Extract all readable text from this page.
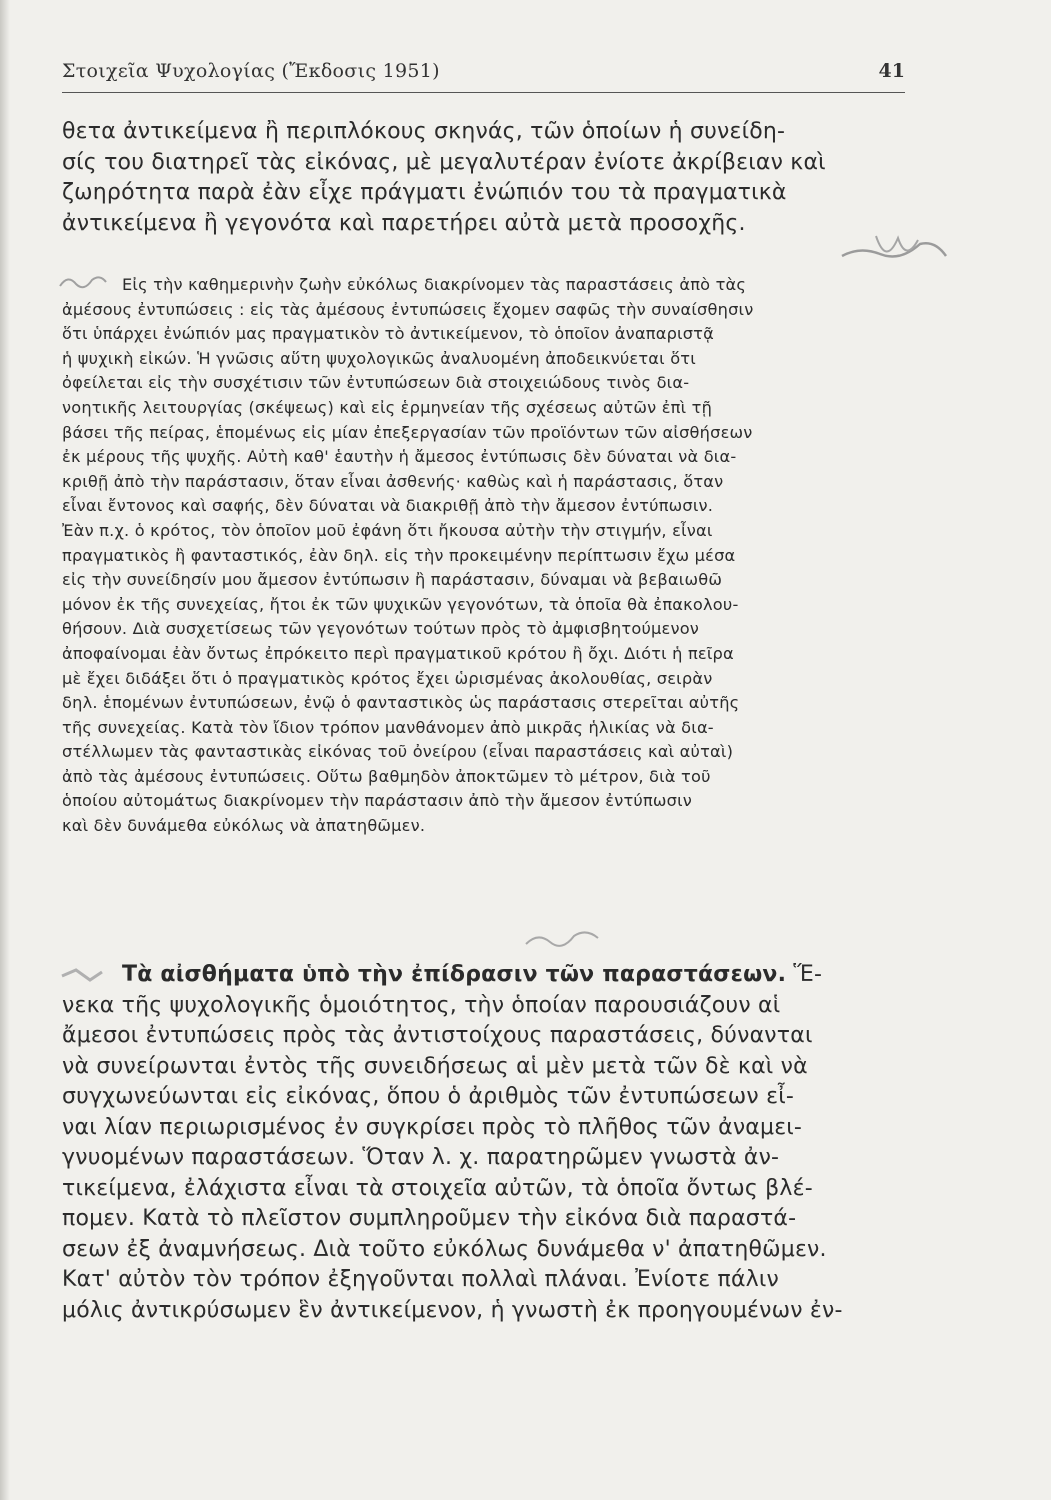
Στοιχεῖα Ψυχολογίας (Ἔκδοσις 1951)	41
θετα ἀντικείμενα ἢ περιπλόκους σκηνάς, τῶν ὁποίων ἡ συνείδη-
σίς του διατηρεῖ τὰς εἰκόνας, μὲ μεγαλυτέραν ἐνίοτε ἀκρίβειαν καὶ
ζωηρότητα παρὰ ἐὰν εἶχε πράγματι ἐνώπιόν του τὰ πραγματικὰ
ἀντικείμενα ἢ γεγονότα καὶ παρετήρει αὐτὰ μετὰ προσοχῆς.
Εἰς τὴν καθημερινὴν ζωὴν εὐκόλως διακρίνομεν τὰς παραστάσεις ἀπὸ τὰς
ἀμέσους ἐντυπώσεις : εἰς τὰς ἀμέσους ἐντυπώσεις ἔχομεν σαφῶς τὴν συναίσθησιν
ὅτι ὑπάρχει ἐνώπιόν μας πραγματικὸν τὸ ἀντικείμενον, τὸ ὁποῖον ἀναπαριστᾷ
ἡ ψυχικὴ εἰκών. Ἡ γνῶσις αὕτη ψυχολογικῶς ἀναλυομένη ἀποδεικνύεται ὅτι
ὀφείλεται εἰς τὴν συσχέτισιν τῶν ἐντυπώσεων διὰ στοιχειώδους τινὸς δια-
νοητικῆς λειτουργίας (σκέψεως) καὶ εἰς ἑρμηνείαν τῆς σχέσεως αὐτῶν ἐπὶ τῇ
βάσει τῆς πείρας, ἑπομένως εἰς μίαν ἐπεξεργασίαν τῶν προϊόντων τῶν αἰσθήσεων
ἐκ μέρους τῆς ψυχῆς. Αὐτὴ καθ' ἑαυτὴν ἡ ἄμεσος ἐντύπωσις δὲν δύναται νὰ δια-
κριθῇ ἀπὸ τὴν παράστασιν, ὅταν εἶναι ἀσθενής· καθὼς καὶ ἡ παράστασις, ὅταν
εἶναι ἔντονος καὶ σαφής, δὲν δύναται νὰ διακριθῇ ἀπὸ τὴν ἄμεσον ἐντύπωσιν.
Ἐὰν π.χ. ὁ κρότος, τὸν ὁποῖον μοῦ ἐφάνη ὅτι ἤκουσα αὐτὴν τὴν στιγμήν, εἶναι
πραγματικὸς ἢ φανταστικός, ἐὰν δηλ. εἰς τὴν προκειμένην περίπτωσιν ἔχω μέσα
εἰς τὴν συνείδησίν μου ἄμεσον ἐντύπωσιν ἢ παράστασιν, δύναμαι νὰ βεβαιωθῶ
μόνον ἐκ τῆς συνεχείας, ἤτοι ἐκ τῶν ψυχικῶν γεγονότων, τὰ ὁποῖα θὰ ἐπακολου-
θήσουν. Διὰ συσχετίσεως τῶν γεγονότων τούτων πρὸς τὸ ἀμφισβητούμενον
ἀποφαίνομαι ἐὰν ὄντως ἐπρόκειτο περὶ πραγματικοῦ κρότου ἢ ὄχι. Διότι ἡ πεῖρα
μὲ ἔχει διδάξει ὅτι ὁ πραγματικὸς κρότος ἔχει ὡρισμένας ἀκολουθίας, σειρὰν
δηλ. ἑπομένων ἐντυπώσεων, ἐνῷ ὁ φανταστικὸς ὡς παράστασις στερεῖται αὐτῆς
τῆς συνεχείας. Κατὰ τὸν ἴδιον τρόπον μανθάνομεν ἀπὸ μικρᾶς ἡλικίας νὰ δια-
στέλλωμεν τὰς φανταστικὰς εἰκόνας τοῦ ὀνείρου (εἶναι παραστάσεις καὶ αὐταὶ)
ἀπὸ τὰς ἀμέσους ἐντυπώσεις. Οὕτω βαθμηδὸν ἀποκτῶμεν τὸ μέτρον, διὰ τοῦ
ὁποίου αὐτομάτως διακρίνομεν τὴν παράστασιν ἀπὸ τὴν ἄμεσον ἐντύπωσιν
καὶ δὲν δυνάμεθα εὐκόλως νὰ ἀπατηθῶμεν.
Τὰ αἰσθήματα ὑπὸ τὴν ἐπίδρασιν τῶν παραστάσεων. Ἕ-
νεκα τῆς ψυχολογικῆς ὁμοιότητος, τὴν ὁποίαν παρουσιάζουν αἱ
ἄμεσοι ἐντυπώσεις πρὸς τὰς ἀντιστοίχους παραστάσεις, δύνανται
νὰ συνείρωνται ἐντὸς τῆς συνειδήσεως αἱ μὲν μετὰ τῶν δὲ καὶ νὰ
συγχωνεύωνται εἰς εἰκόνας, ὅπου ὁ ἀριθμὸς τῶν ἐντυπώσεων εἶ-
ναι λίαν περιωρισμένος ἐν συγκρίσει πρὸς τὸ πλῆθος τῶν ἀναμει-
γνυομένων παραστάσεων. Ὅταν λ. χ. παρατηρῶμεν γνωστὰ ἀν-
τικείμενα, ἐλάχιστα εἶναι τὰ στοιχεῖα αὐτῶν, τὰ ὁποῖα ὄντως βλέ-
πομεν. Κατὰ τὸ πλεῖστον συμπληροῦμεν τὴν εἰκόνα διὰ παραστά-
σεων ἐξ ἀναμνήσεως. Διὰ τοῦτο εὐκόλως δυνάμεθα ν' ἀπατηθῶμεν.
Κατ' αὐτὸν τὸν τρόπον ἐξηγοῦνται πολλαὶ πλάναι. Ἐνίοτε πάλιν
μόλις ἀντικρύσωμεν ἓν ἀντικείμενον, ἡ γνωστὴ ἐκ προηγουμένων ἐν-
